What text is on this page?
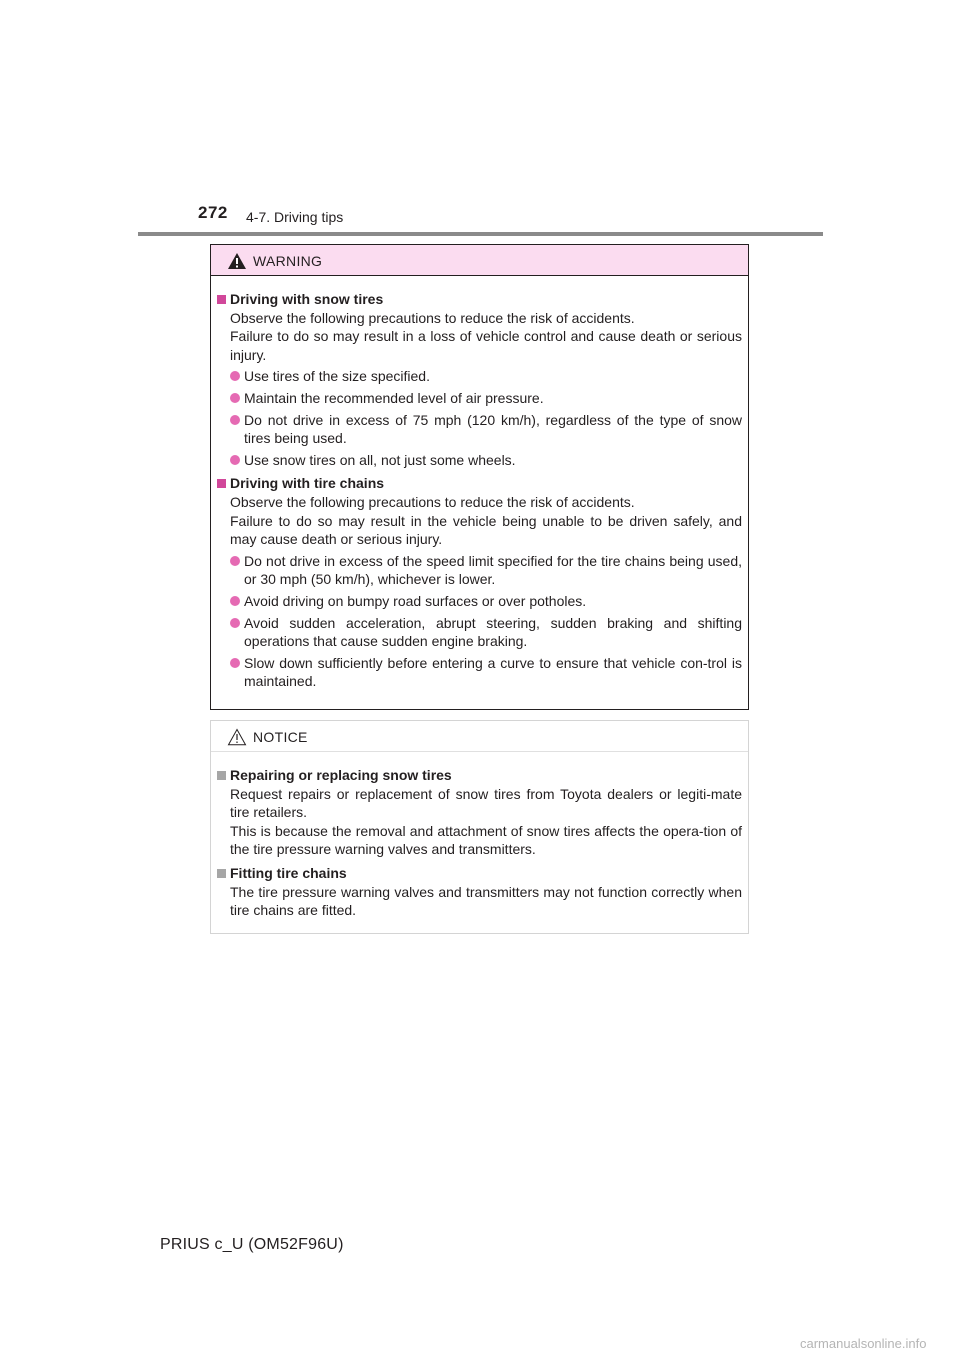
272 4-7. Driving tips
WARNING
Driving with snow tires
Observe the following precautions to reduce the risk of accidents.
Failure to do so may result in a loss of vehicle control and cause death or serious injury.
Use tires of the size specified.
Maintain the recommended level of air pressure.
Do not drive in excess of 75 mph (120 km/h), regardless of the type of snow tires being used.
Use snow tires on all, not just some wheels.
Driving with tire chains
Observe the following precautions to reduce the risk of accidents.
Failure to do so may result in the vehicle being unable to be driven safely, and may cause death or serious injury.
Do not drive in excess of the speed limit specified for the tire chains being used, or 30 mph (50 km/h), whichever is lower.
Avoid driving on bumpy road surfaces or over potholes.
Avoid sudden acceleration, abrupt steering, sudden braking and shifting operations that cause sudden engine braking.
Slow down sufficiently before entering a curve to ensure that vehicle con-trol is maintained.
NOTICE
Repairing or replacing snow tires
Request repairs or replacement of snow tires from Toyota dealers or legiti-mate tire retailers.
This is because the removal and attachment of snow tires affects the opera-tion of the tire pressure warning valves and transmitters.
Fitting tire chains
The tire pressure warning valves and transmitters may not function correctly when tire chains are fitted.
PRIUS c_U (OM52F96U)
carmanualsonline.info
